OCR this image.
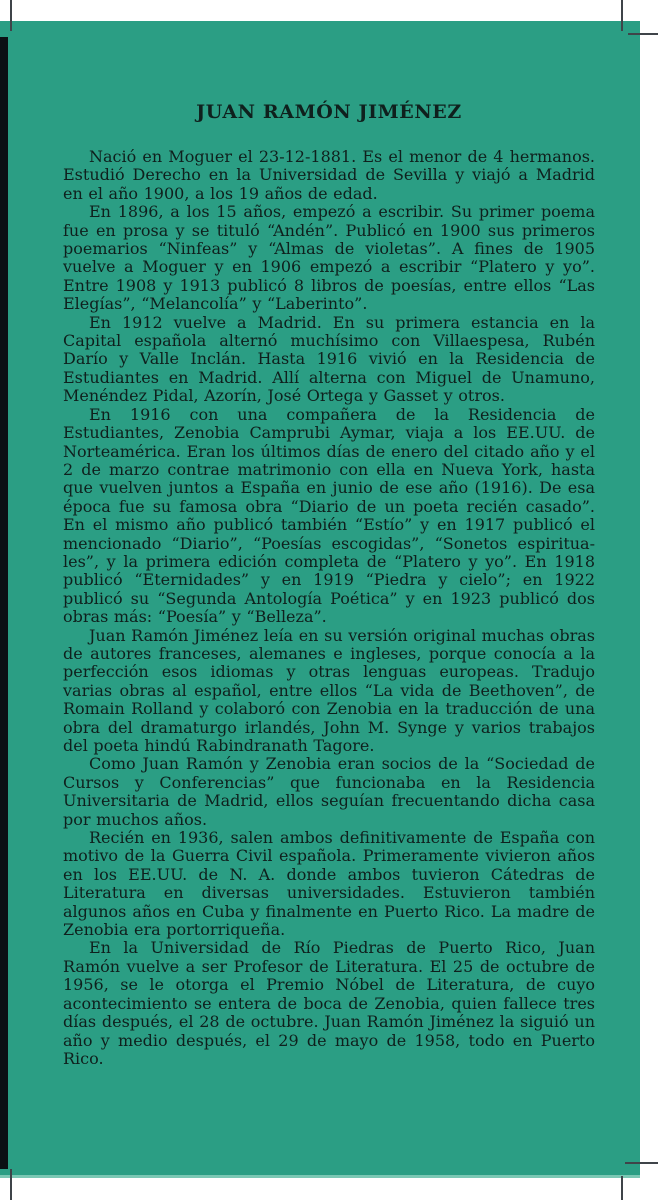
JUAN RAMÓN JIMÉNEZ

Nació en Moguer el 23-12-1881. Es el menor de 4 hermanos. Estudió Derecho en la Universidad de Sevilla y viajó a Madrid en el año 1900, a los 19 años de edad.

En 1896, a los 15 años, empezó a escribir. Su primer poema fue en prosa y se tituló “Andén”. Publicó en 1900 sus primeros poemarios “Ninfeas” y “Almas de violetas”. A fines de 1905 vuelve a Moguer y en 1906 empezó a escribir “Platero y yo”. Entre 1908 y 1913 publicó 8 libros de poesías, entre ellos “Las Elegías”, “Melancolía” y “Laberinto”.

En 1912 vuelve a Madrid. En su primera estancia en la Capital española alternó muchísimo con Villaespesa, Rubén Darío y Valle Inclán. Hasta 1916 vivió en la Residencia de Estudiantes en Madrid. Allí alterna con Miguel de Unamuno, Menéndez Pidal, Azorín, José Ortega y Gasset y otros.

En 1916 con una compañera de la Residencia de Estudiantes, Zenobia Camprubi Aymar, viaja a los EE.UU. de Norteamérica. Eran los últimos días de enero del citado año y el 2 de marzo contrae matrimonio con ella en Nueva York, hasta que vuelven juntos a España en junio de ese año (1916). De esa época fue su famosa obra “Diario de un poeta recién casado”. En el mismo año publicó también “Estío” y en 1917 publicó el mencionado “Diario”, “Poesías escogidas”, “Sonetos espiritua-les”, y la primera edición completa de “Platero y yo”. En 1918 publicó “Eternidades” y en 1919 “Piedra y cielo”; en 1922 publicó su “Segunda Antología Poética” y en 1923 publicó dos obras más: “Poesía” y “Belleza”.

Juan Ramón Jiménez leía en su versión original muchas obras de autores franceses, alemanes e ingleses, porque conocía a la perfección esos idiomas y otras lenguas europeas. Tradujo varias obras al español, entre ellos “La vida de Beethoven”, de Romain Rolland y colaboró con Zenobia en la traducción de una obra del dramaturgo irlandés, John M. Synge y varios trabajos del poeta hindú Rabindranath Tagore.

Como Juan Ramón y Zenobia eran socios de la “Sociedad de Cursos y Conferencias” que funcionaba en la Residencia Universitaria de Madrid, ellos seguían frecuentando dicha casa por muchos años.

Recién en 1936, salen ambos definitivamente de España con motivo de la Guerra Civil española. Primeramente vivieron años en los EE.UU. de N. A. donde ambos tuvieron Cátedras de Literatura en diversas universidades. Estuvieron también algunos años en Cuba y finalmente en Puerto Rico. La madre de Zenobia era portorriqueña.

En la Universidad de Río Piedras de Puerto Rico, Juan Ramón vuelve a ser Profesor de Literatura. El 25 de octubre de 1956, se le otorga el Premio Nóbel de Literatura, de cuyo acontecimiento se entera de boca de Zenobia, quien fallece tres días después, el 28 de octubre. Juan Ramón Jiménez la siguió un año y medio después, el 29 de mayo de 1958, todo en Puerto Rico.
